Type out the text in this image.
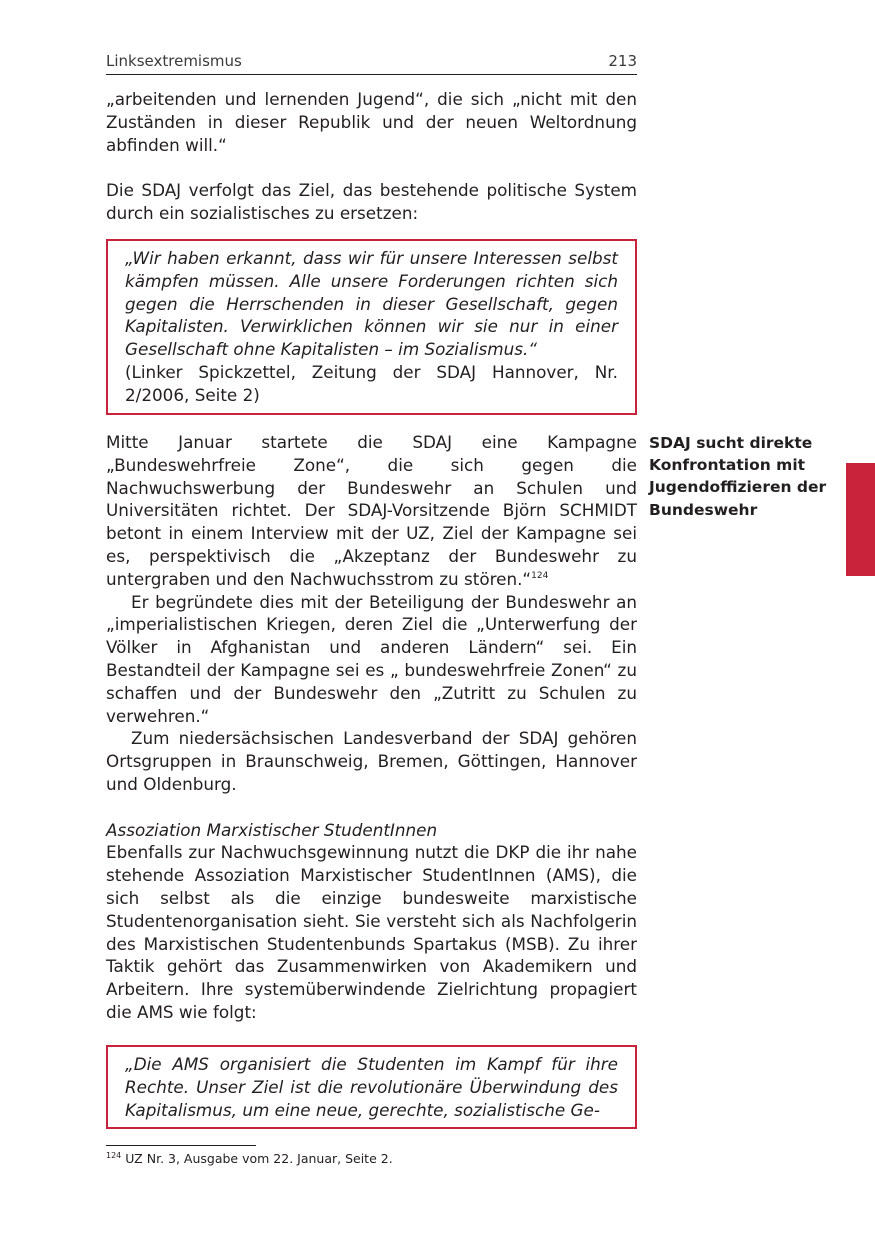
Linksextremismus	213

„arbeitenden und lernenden Jugend“, die sich „nicht mit den Zuständen in dieser Republik und der neuen Weltordnung abfinden will.“

Die SDAJ verfolgt das Ziel, das bestehende politische System durch ein sozialistisches zu ersetzen:

„Wir haben erkannt, dass wir für unsere Interessen selbst kämpfen müssen. Alle unsere Forderungen richten sich gegen die Herrschenden in dieser Gesellschaft, gegen Kapitalisten. Verwirklichen können wir sie nur in einer Gesellschaft ohne Kapitalisten – im Sozialismus.“

(Linker Spickzettel, Zeitung der SDAJ Hannover, Nr. 2/2006, Seite 2)

Mitte Januar startete die SDAJ eine Kampagne „Bundeswehrfreie Zone“, die sich gegen die Nachwuchswerbung der Bundeswehr an Schulen und Universitäten richtet. Der SDAJ-Vorsitzende Björn SCHMIDT betont in einem Interview mit der UZ, Ziel der Kampagne sei es, perspektivisch die „Akzeptanz der Bundeswehr zu untergraben und den Nachwuchsstrom zu stören.“$^{124}$

Er begründete dies mit der Beteiligung der Bundeswehr an „imperialistischen Kriegen, deren Ziel die „Unterwerfung der Völker in Afghanistan und anderen Ländern“ sei. Ein Bestandteil der Kampagne sei es „ bundeswehrfreie Zonen“ zu schaffen und der Bundeswehr den „Zutritt zu Schulen zu verwehren.“

Zum niedersächsischen Landesverband der SDAJ gehören Ortsgruppen in Braunschweig, Bremen, Göttingen, Hannover und Oldenburg.

Assoziation Marxistischer StudentInnen

Ebenfalls zur Nachwuchsgewinnung nutzt die DKP die ihr nahe stehende Assoziation Marxistischer StudentInnen (AMS), die sich selbst als die einzige bundesweite marxistische Studentenorganisation sieht. Sie versteht sich als Nachfolgerin des Marxistischen Studentenbunds Spartakus (MSB). Zu ihrer Taktik gehört das Zusammenwirken von Akademikern und Arbeitern. Ihre systemüberwindende Zielrichtung propagiert die AMS wie folgt:

„Die AMS organisiert die Studenten im Kampf für ihre Rechte. Unser Ziel ist die revolutionäre Überwindung des Kapitalismus, um eine neue, gerechte, sozialistische Ge-

SDAJ sucht direkte Konfrontation mit Jugendoffizieren der Bundeswehr
$^{124}$ UZ Nr. 3, Ausgabe vom 22. Januar, Seite 2.
